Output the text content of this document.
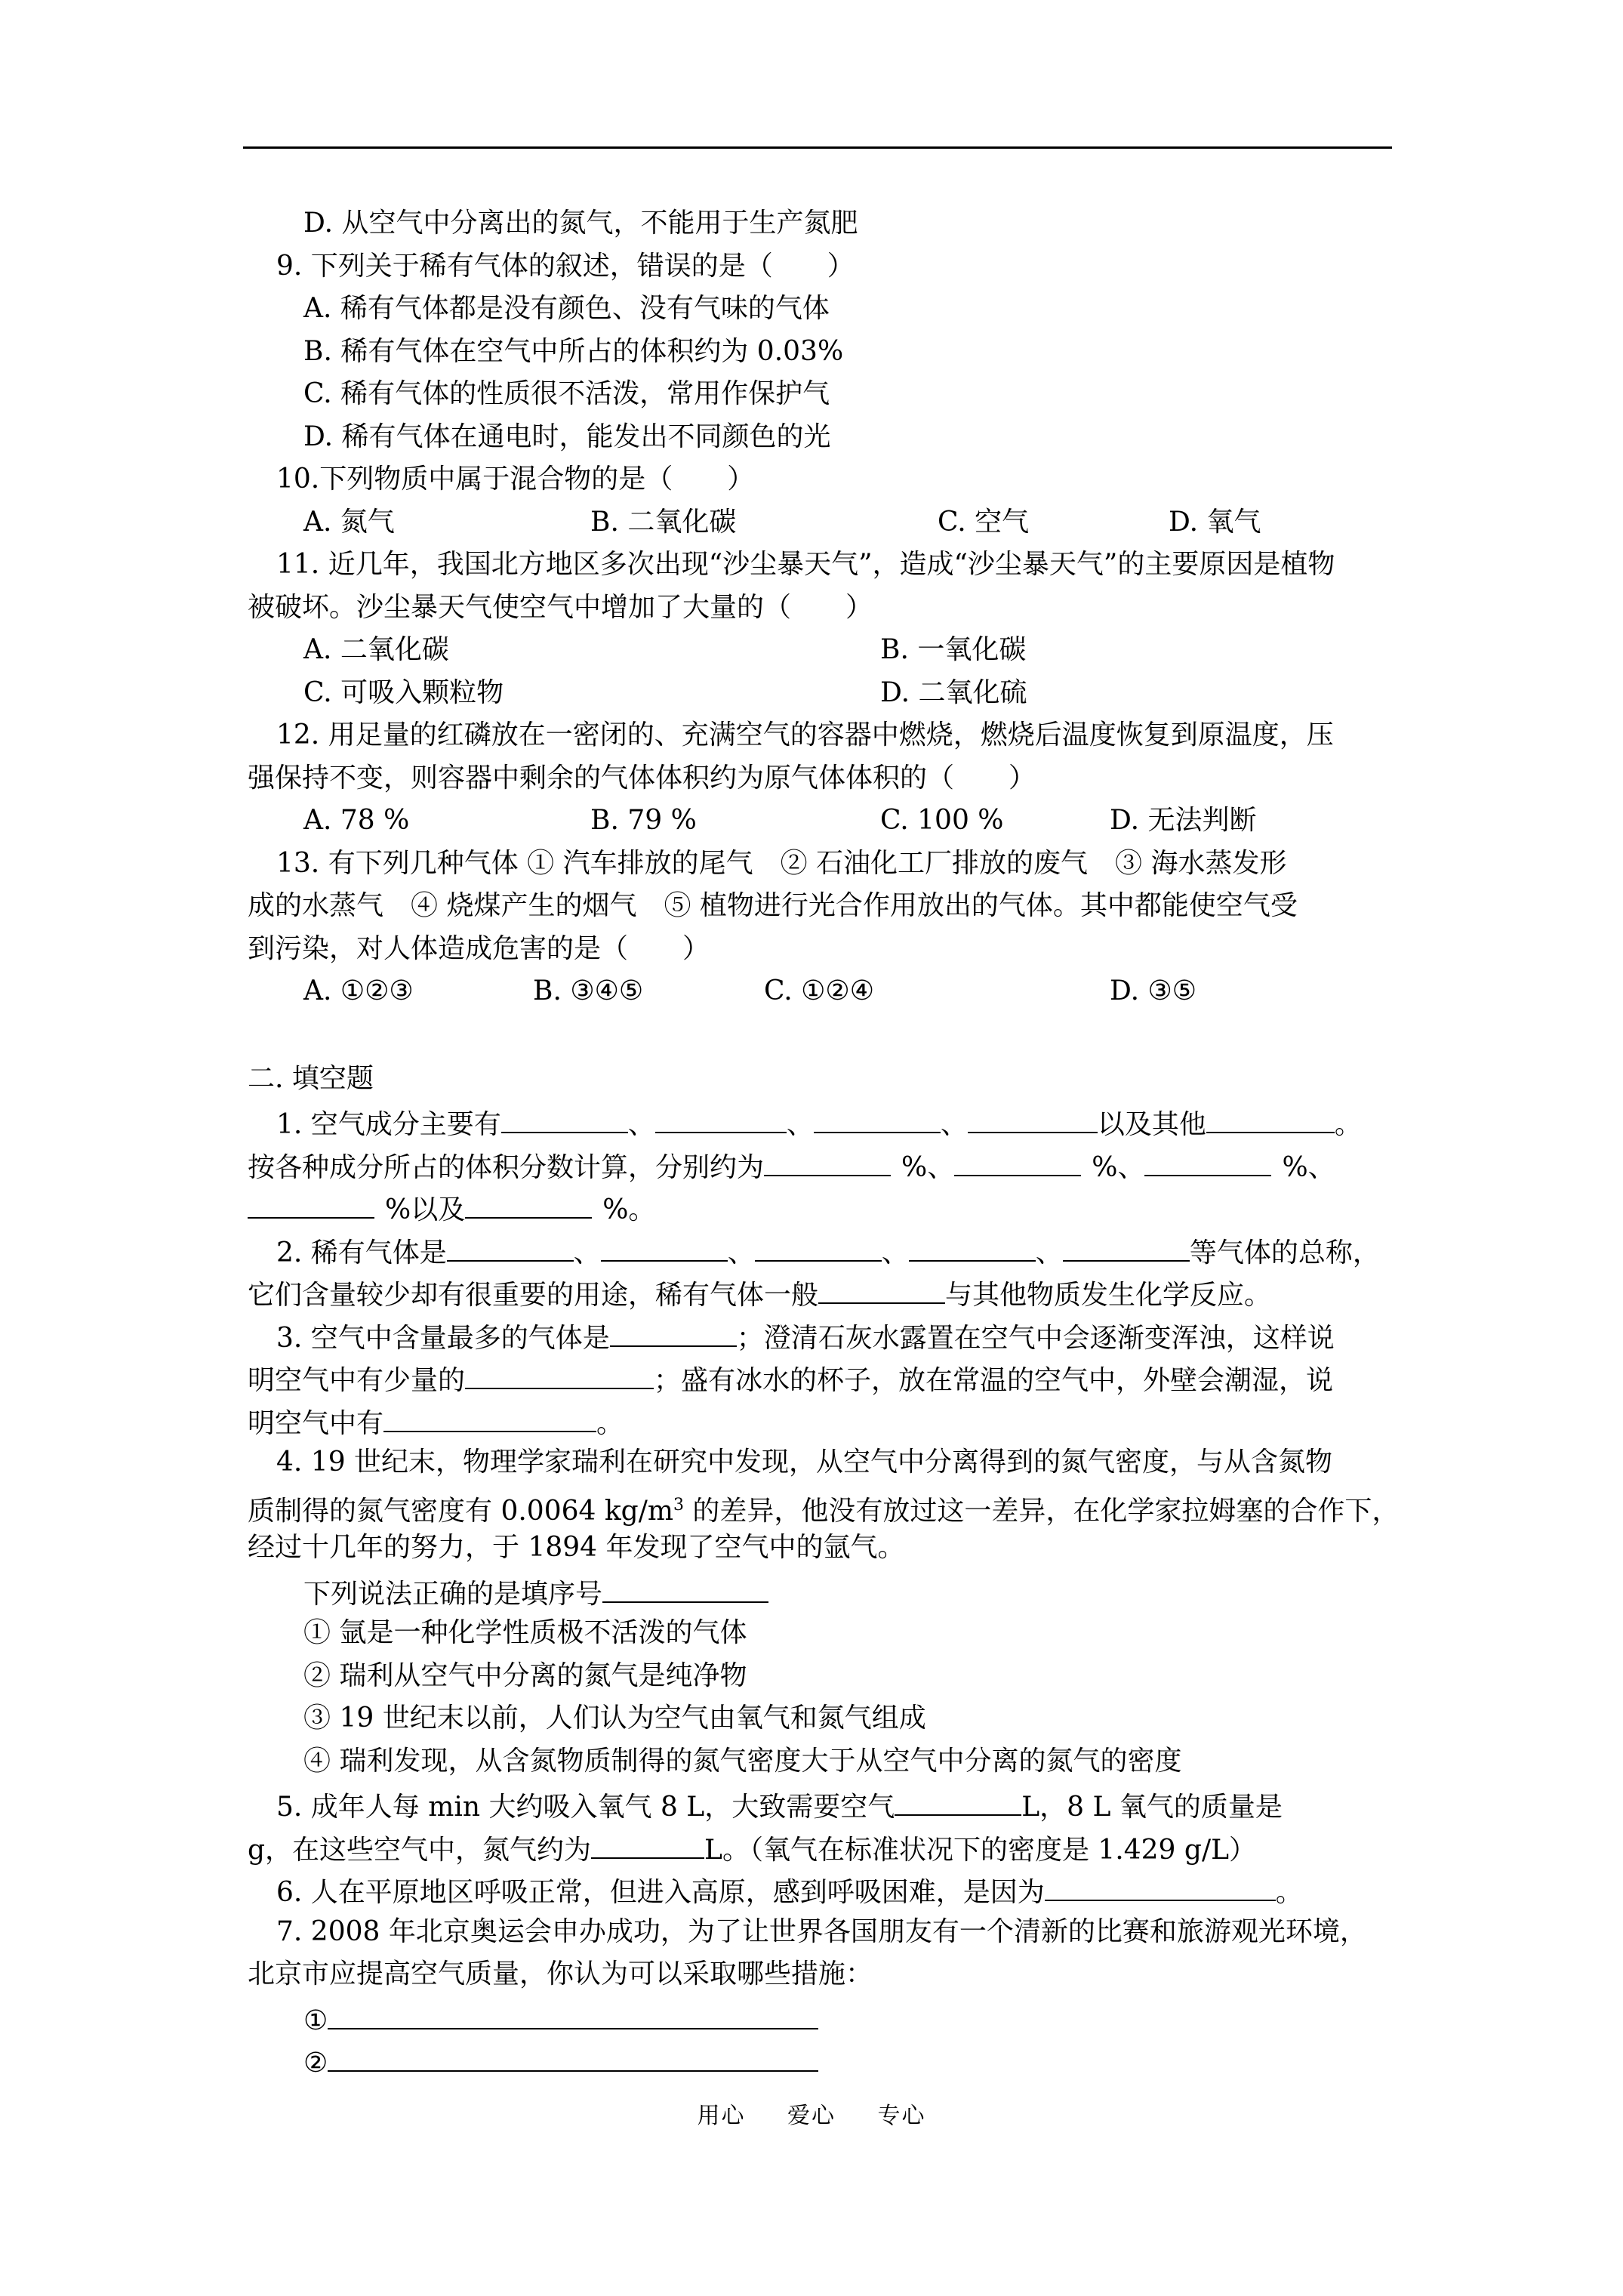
D. 从空气中分离出的氮气，不能用于生产氮肥
9. 下列关于稀有气体的叙述，错误的是（　　）
A. 稀有气体都是没有颜色、没有气味的气体
B. 稀有气体在空气中所占的体积约为 0.03%
C. 稀有气体的性质很不活泼，常用作保护气
D. 稀有气体在通电时，能发出不同颜色的光
10.下列物质中属于混合物的是（　　）
A. 氮气	B. 二氧化碳	C. 空气	D. 氧气
11. 近几年，我国北方地区多次出现“沙尘暴天气”，造成“沙尘暴天气”的主要原因是植物
被破坏。沙尘暴天气使空气中增加了大量的（　　）
A. 二氧化碳	B. 一氧化碳
C. 可吸入颗粒物	D. 二氧化硫
12. 用足量的红磷放在一密闭的、充满空气的容器中燃烧，燃烧后温度恢复到原温度，压
强保持不变，则容器中剩余的气体体积约为原气体体积的（　　）
A. 78 %	B. 79 %	C. 100 %	D. 无法判断
13. 有下列几种气体 ① 汽车排放的尾气　② 石油化工厂排放的废气　③ 海水蒸发形
成的水蒸气　④ 烧煤产生的烟气　⑤ 植物进行光合作用放出的气体。其中都能使空气受
到污染，对人体造成危害的是（　　）
A. ①②③	B. ③④⑤	C. ①②④	D. ③⑤
二. 填空题
1. 空气成分主要有	、	、	、	以及其他	。
按各种成分所占的体积分数计算，分别约为	%、	%、	%、
%以及	%。
2. 稀有气体是	、	、	、	、	等气体的总称，
它们含量较少却有很重要的用途，稀有气体一般	与其他物质发生化学反应。
3. 空气中含量最多的气体是	；澄清石灰水露置在空气中会逐渐变浑浊，这样说
明空气中有少量的	；盛有冰水的杯子，放在常温的空气中，外壁会潮湿，说
明空气中有	。
4. 19 世纪末，物理学家瑞利在研究中发现，从空气中分离得到的氮气密度，与从含氮物
质制得的氮气密度有 0.0064 $kg/m^3$ 的差异，他没有放过这一差异，在化学家拉姆塞的合作下，
经过十几年的努力，于 1894 年发现了空气中的氩气。
下列说法正确的是填序号
① 氩是一种化学性质极不活泼的气体
② 瑞利从空气中分离的氮气是纯净物
③ 19 世纪末以前，人们认为空气由氧气和氮气组成
④ 瑞利发现，从含氮物质制得的氮气密度大于从空气中分离的氮气的密度
5. 成年人每 min 大约吸入氧气 8 L，大致需要空气	L，8 L 氧气的质量是
g，在这些空气中，氮气约为	L。（氧气在标准状况下的密度是 1.429 g/L）
6. 人在平原地区呼吸正常，但进入高原，感到呼吸困难，是因为	。
7. 2008 年北京奥运会申办成功，为了让世界各国朋友有一个清新的比赛和旅游观光环境，
北京市应提高空气质量，你认为可以采取哪些措施：
①
②
用心 爱心 专心
